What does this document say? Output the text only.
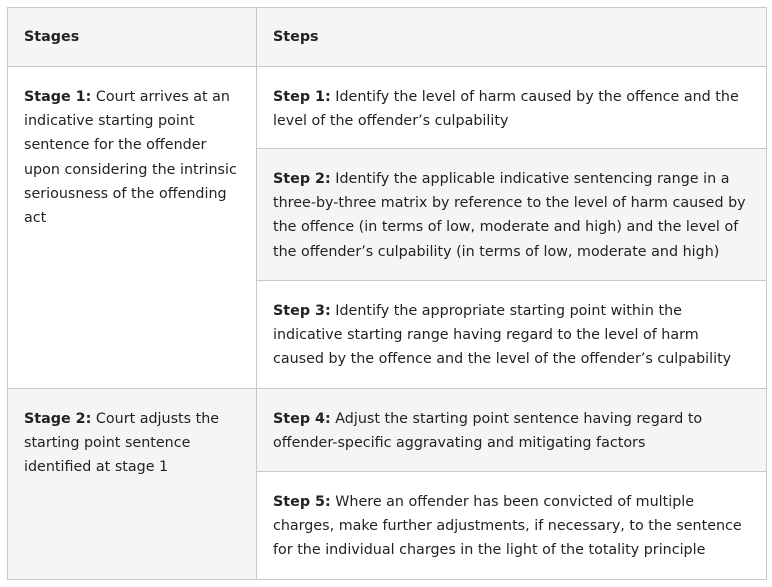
Stages	Steps
Stage 1: Court arrives at an indicative starting point sentence for the offender upon considering the intrinsic seriousness of the offending act	Step 1: Identify the level of harm caused by the offence and the level of the offender’s culpability
	Step 2: Identify the applicable indicative sentencing range in a three-by-three matrix by reference to the level of harm caused by the offence (in terms of low, moderate and high) and the level of the offender’s culpability (in terms of low, moderate and high)
	Step 3: Identify the appropriate starting point within the indicative starting range having regard to the level of harm caused by the offence and the level of the offender’s culpability
Stage 2: Court adjusts the starting point sentence identified at stage 1	Step 4: Adjust the starting point sentence having regard to offender-specific aggravating and mitigating factors
	Step 5: Where an offender has been convicted of multiple charges, make further adjustments, if necessary, to the sentence for the individual charges in the light of the totality principle
